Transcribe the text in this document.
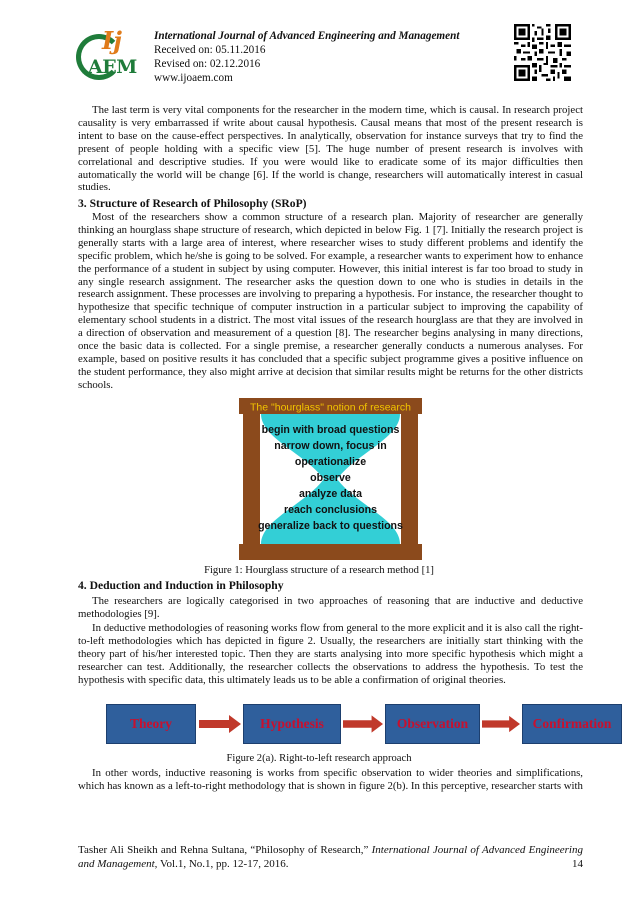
Ij
AEM
International Journal of Advanced Engineering and Management
Received on: 05.11.2016
Revised on: 02.12.2016
www.ijoaem.com
The last term is very vital components for the researcher in the modern time, which is causal. In research project causality is very embarrassed if write about causal hypothesis. Causal means that most of the present research is intent to base on the cause-effect perspectives. In analytically, observation for instance surveys that try to find the present of people holding with a specific view [5]. The huge number of present research is involves with correlational and descriptive studies. If you were would like to eradicate some of its major difficulties then automatically the world will be change [6]. If the world is change, researchers will automatically interest in casual studies.
3. Structure of Research of Philosophy (SRoP)
Most of the researchers show a common structure of a research plan. Majority of researcher are generally thinking an hourglass shape structure of research, which depicted in below Fig. 1 [7]. Initially the research project is generally starts with a large area of interest, where researcher wises to study different problems and identify the specific problem, which he/she is going to be solved. For example, a researcher wants to experiment how to enhance the performance of a student in subject by using computer. However, this initial interest is far too broad to study in any single research assignment. The researcher asks the question down to one who is studies in details in the research assignment. These processes are involving to preparing a hypothesis. For instance, the researcher thought to hypothesize that specific technique of computer instruction in a particular subject to improving the capability of elementary school students in a district. The most vital issues of the research hourglass are that they are involved in a direction of observation and measurement of a question [8]. The researcher begins analysing in many directions, once the basic data is collected. For a single premise, a researcher generally conducts a numerous analyses. For example, based on positive results it has concluded that a specific subject programme gives a positive influence on the student performance, they also might arrive at decision that similar results might be returns for the other districts schools.
The "hourglass" notion of research
begin with broad questions
narrow down, focus in
operationalize
observe
analyze data
reach conclusions
generalize back to questions
Figure 1: Hourglass structure of a research method [1]
4. Deduction and Induction in Philosophy
The researchers are logically categorised in two approaches of reasoning that are inductive and deductive methodologies [9].
In deductive methodologies of reasoning works flow from general to the more explicit and it is also call the right-to-left methodologies which has depicted in figure 2. Usually, the researchers are initially start thinking with the theory part of his/her interested topic. Then they are starts analysing into more specific hypothesis which might a researcher can test. Additionally, the researcher collects the observations to address the hypothesis. To test the hypothesis with specific data, this ultimately leads us to be able a confirmation of original theories.
Theory	Hypothesis	Observation	Confirmation
Figure 2(a). Right-to-left research approach
In other words, inductive reasoning is works from specific observation to wider theories and simplifications, which has known as a left-to-right methodology that is shown in figure 2(b). In this perceptive, researcher starts with
Tasher Ali Sheikh and Rehna Sultana, “Philosophy of Research,” International Journal of Advanced Engineering and Management, Vol.1, No.1, pp. 12-17, 2016.	14
